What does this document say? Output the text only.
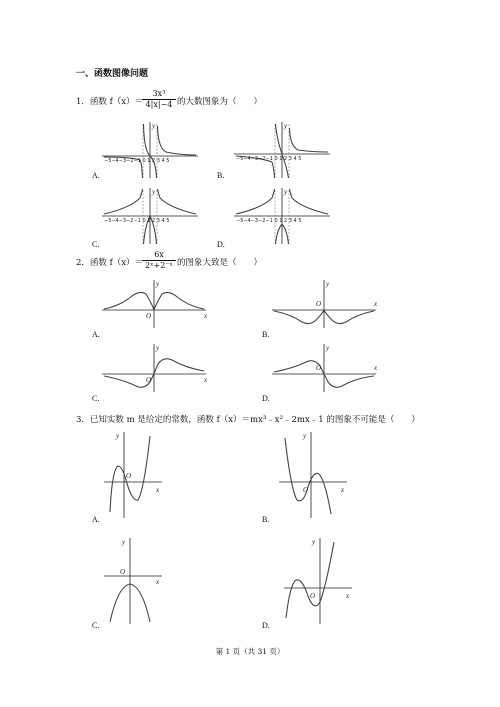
一、函数图像问题
1．函数 f（x）＝
$\frac{\text{3x³}}{4|x|-4}$ 的大数图象为（　　）
−5−4−3−2−1 0 1 2 3 4 5
y
A.
−5−4−3−2−1 0 1 2 3 4 5
y
B.
−5−4−3−2−1 0 1 2 3 4 5
y
C.
−5−4−3−2−1 0 1 2 3 4 5
y
D.
2．函数 f（x）＝
$\frac{6x}{\text{2ˣ+2⁻ˣ}}$ 的图象大致是（　　）
O	x
y
A.
O	x
y
B.
O	x
y
C.
O	x
y
D.
3．已知实数 m 是给定的常数，函数 f（x）＝mx³﹣x²﹣2mx﹣1 的图象不可能是（　　）
O
x
y
A.
O	x
y
B.
O
x
y
C.
O	x
y
D.
第 1 页（共 31 页）
